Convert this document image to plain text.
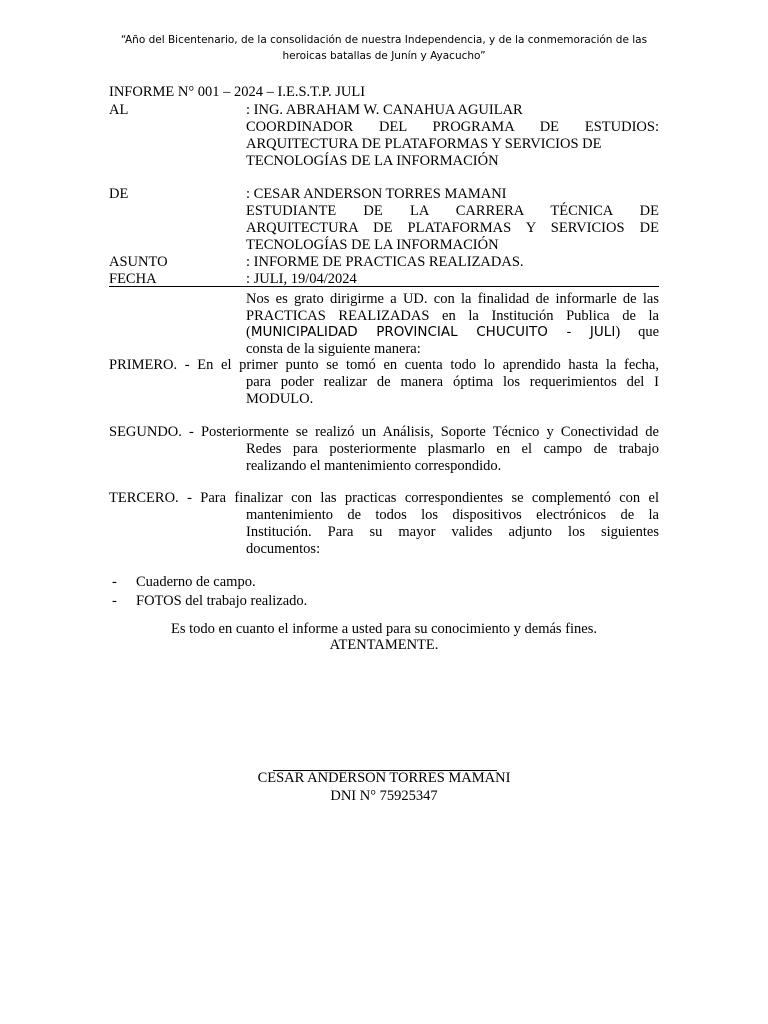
“Año del Bicentenario, de la consolidación de nuestra Independencia, y de la conmemoración de las
heroicas batallas de Junín y Ayacucho”
INFORME N° 001 – 2024 – I.E.S.T.P. JULI
AL	: ING. ABRAHAM W. CANAHUA AGUILAR
COORDINADOR DEL PROGRAMA DE ESTUDIOS:
ARQUITECTURA DE PLATAFORMAS Y SERVICIOS DE
TECNOLOGÍAS DE LA INFORMACIÓN
DE	: CESAR ANDERSON TORRES MAMANI
ESTUDIANTE DE LA CARRERA TÉCNICA DE
ARQUITECTURA DE PLATAFORMAS Y SERVICIOS DE
TECNOLOGÍAS DE LA INFORMACIÓN
ASUNTO	: INFORME DE PRACTICAS REALIZADAS.
FECHA	: JULI, 19/04/2024
Nos es grato dirigirme a UD. con la finalidad de informarle de las
PRACTICAS REALIZADAS en la Institución Publica de la
(MUNICIPALIDAD PROVINCIAL CHUCUITO - JULI) que
consta de la siguiente manera:
PRIMERO. - En el primer punto se tomó en cuenta todo lo aprendido hasta la fecha,
para poder realizar de manera óptima los requerimientos del I
MODULO.
SEGUNDO. - Posteriormente se realizó un Análisis, Soporte Técnico y Conectividad de
Redes para posteriormente plasmarlo en el campo de trabajo
realizando el mantenimiento correspondido.
TERCERO. - Para finalizar con las practicas correspondientes se complementó con el
mantenimiento de todos los dispositivos electrónicos de la
Institución. Para su mayor valides adjunto los siguientes
documentos:
- Cuaderno de campo.
- FOTOS del trabajo realizado.
Es todo en cuanto el informe a usted para su conocimiento y demás fines.
ATENTAMENTE.
CESAR ANDERSON TORRES MAMANI
DNI N° 75925347
